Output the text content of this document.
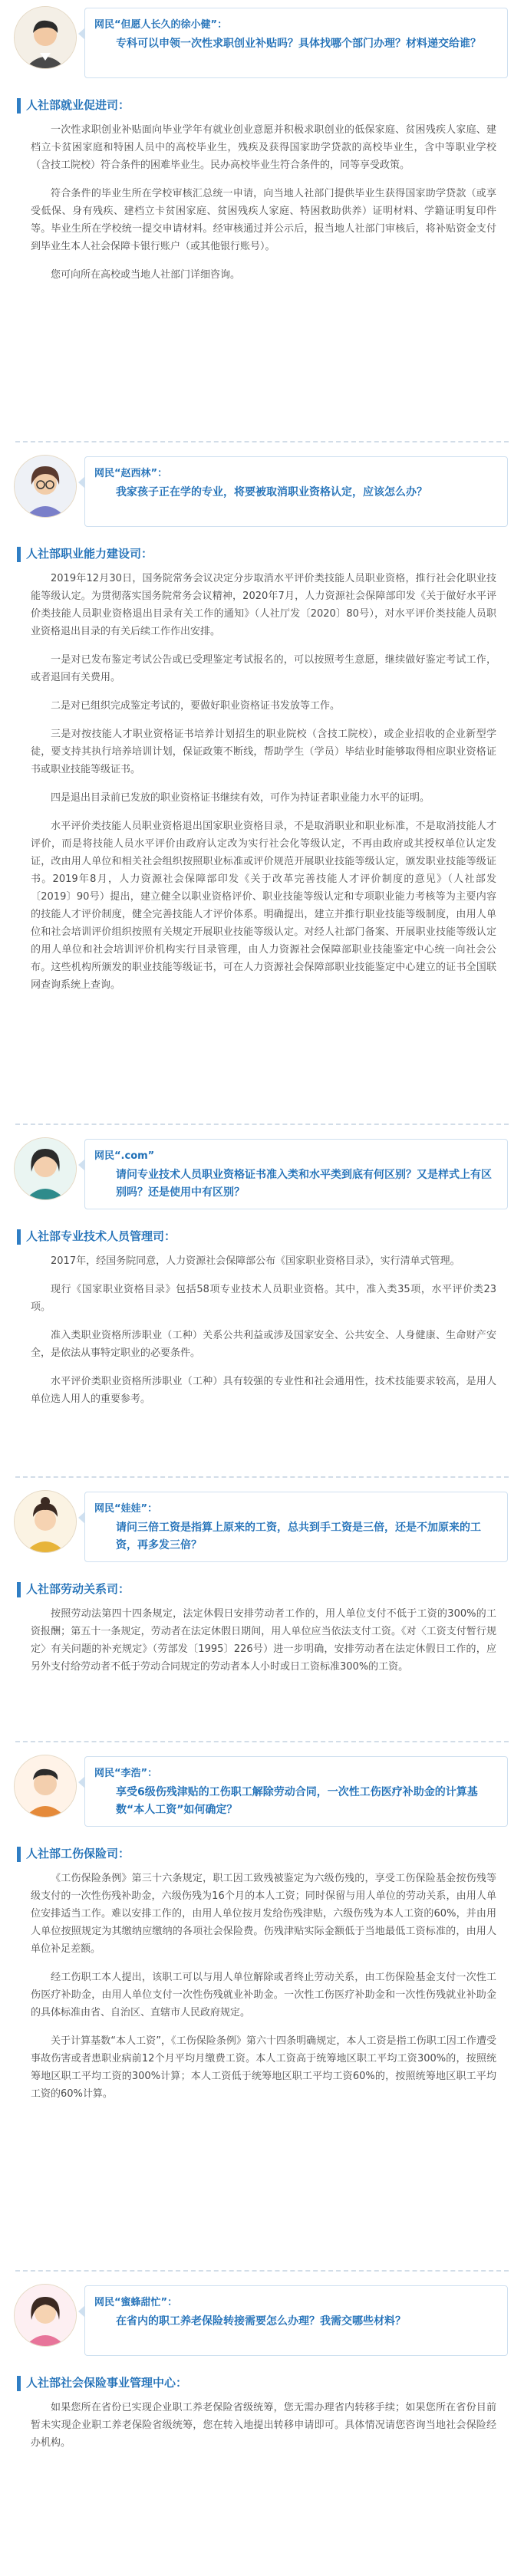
网民“但愿人长久的徐小健”：
专科可以申领一次性求职创业补贴吗？具体找哪个部门办理？材料递交给谁？
人社部就业促进司：

一次性求职创业补贴面向毕业学年有就业创业意愿并积极求职创业的低保家庭、贫困残疾人家庭、建档立卡贫困家庭和特困人员中的高校毕业生，残疾及获得国家助学贷款的高校毕业生，含中等职业学校（含技工院校）符合条件的困难毕业生。民办高校毕业生符合条件的，同等享受政策。

符合条件的毕业生所在学校审核汇总统一申请，向当地人社部门提供毕业生获得国家助学贷款（或享受低保、身有残疾、建档立卡贫困家庭、贫困残疾人家庭、特困救助供养）证明材料、学籍证明复印件等。毕业生所在学校统一提交申请材料。经审核通过并公示后，报当地人社部门审核后，将补贴资金支付到毕业生本人社会保障卡银行账户（或其他银行账号）。

您可向所在高校或当地人社部门详细咨询。

网民“赵西林”：
我家孩子正在学的专业，将要被取消职业资格认定，应该怎么办？
人社部职业能力建设司：

2019年12月30日，国务院常务会议决定分步取消水平评价类技能人员职业资格，推行社会化职业技能等级认定。为贯彻落实国务院常务会议精神，2020年7月，人力资源社会保障部印发《关于做好水平评价类技能人员职业资格退出目录有关工作的通知》（人社厅发〔2020〕80号），对水平评价类技能人员职业资格退出目录的有关后续工作作出安排。

一是对已发布鉴定考试公告或已受理鉴定考试报名的，可以按照考生意愿，继续做好鉴定考试工作，或者退回有关费用。

二是对已组织完成鉴定考试的，要做好职业资格证书发放等工作。

三是对按技能人才职业资格证书培养计划招生的职业院校（含技工院校），或企业招收的企业新型学徒，要支持其执行培养培训计划，保证政策不断线，帮助学生（学员）毕结业时能够取得相应职业资格证书或职业技能等级证书。

四是退出目录前已发放的职业资格证书继续有效，可作为持证者职业能力水平的证明。

水平评价类技能人员职业资格退出国家职业资格目录，不是取消职业和职业标准，不是取消技能人才评价，而是将技能人员水平评价由政府认定改为实行社会化等级认定，不再由政府或其授权单位认定发证，改由用人单位和相关社会组织按照职业标准或评价规范开展职业技能等级认定，颁发职业技能等级证书。2019年8月，人力资源社会保障部印发《关于改革完善技能人才评价制度的意见》（人社部发〔2019〕90号）提出，建立健全以职业资格评价、职业技能等级认定和专项职业能力考核等为主要内容的技能人才评价制度，健全完善技能人才评价体系。明确提出，建立并推行职业技能等级制度，由用人单位和社会培训评价组织按照有关规定开展职业技能等级认定。对经人社部门备案、开展职业技能等级认定的用人单位和社会培训评价机构实行目录管理，由人力资源社会保障部职业技能鉴定中心统一向社会公布。这些机构所颁发的职业技能等级证书，可在人力资源社会保障部职业技能鉴定中心建立的证书全国联网查询系统上查询。

网民“.com”
请问专业技术人员职业资格证书准入类和水平类到底有何区别？又是样式上有区别吗？还是使用中有区别？
人社部专业技术人员管理司：

2017年，经国务院同意，人力资源社会保障部公布《国家职业资格目录》，实行清单式管理。

现行《国家职业资格目录》包括58项专业技术人员职业资格。其中，准入类35项，水平评价类23项。

准入类职业资格所涉职业（工种）关系公共利益或涉及国家安全、公共安全、人身健康、生命财产安全，是依法从事特定职业的必要条件。

水平评价类职业资格所涉职业（工种）具有较强的专业性和社会通用性，技术技能要求较高，是用人单位选人用人的重要参考。

网民“娃娃”：
请问三倍工资是指算上原来的工资，总共到手工资是三倍，还是不加原来的工资，再多发三倍？
人社部劳动关系司：

按照劳动法第四十四条规定，法定休假日安排劳动者工作的，用人单位支付不低于工资的300%的工资报酬；第五十一条规定，劳动者在法定休假日期间，用人单位应当依法支付工资。《对〈工资支付暂行规定〉有关问题的补充规定》（劳部发〔1995〕226号）进一步明确，安排劳动者在法定休假日工作的，应另外支付给劳动者不低于劳动合同规定的劳动者本人小时或日工资标准300%的工资。

网民“李浩”：
享受6级伤残津贴的工伤职工解除劳动合同，一次性工伤医疗补助金的计算基数“本人工资”如何确定？
人社部工伤保险司：

《工伤保险条例》第三十六条规定，职工因工致残被鉴定为六级伤残的，享受工伤保险基金按伤残等级支付的一次性伤残补助金，六级伤残为16个月的本人工资；同时保留与用人单位的劳动关系，由用人单位安排适当工作。难以安排工作的，由用人单位按月发给伤残津贴，六级伤残为本人工资的60%，并由用人单位按照规定为其缴纳应缴纳的各项社会保险费。伤残津贴实际金额低于当地最低工资标准的，由用人单位补足差额。

经工伤职工本人提出，该职工可以与用人单位解除或者终止劳动关系，由工伤保险基金支付一次性工伤医疗补助金，由用人单位支付一次性伤残就业补助金。一次性工伤医疗补助金和一次性伤残就业补助金的具体标准由省、自治区、直辖市人民政府规定。

关于计算基数“本人工资”，《工伤保险条例》第六十四条明确规定，本人工资是指工伤职工因工作遭受事故伤害或者患职业病前12个月平均月缴费工资。本人工资高于统筹地区职工平均工资300%的，按照统筹地区职工平均工资的300%计算；本人工资低于统筹地区职工平均工资60%的，按照统筹地区职工平均工资的60%计算。

网民“蜜蜂甜忙”：
在省内的职工养老保险转接需要怎么办理？我需交哪些材料？
人社部社会保险事业管理中心：

如果您所在省份已实现企业职工养老保险省级统筹，您无需办理省内转移手续；如果您所在省份目前暂未实现企业职工养老保险省级统筹，您在转入地提出转移申请即可。具体情况请您咨询当地社会保险经办机构。
